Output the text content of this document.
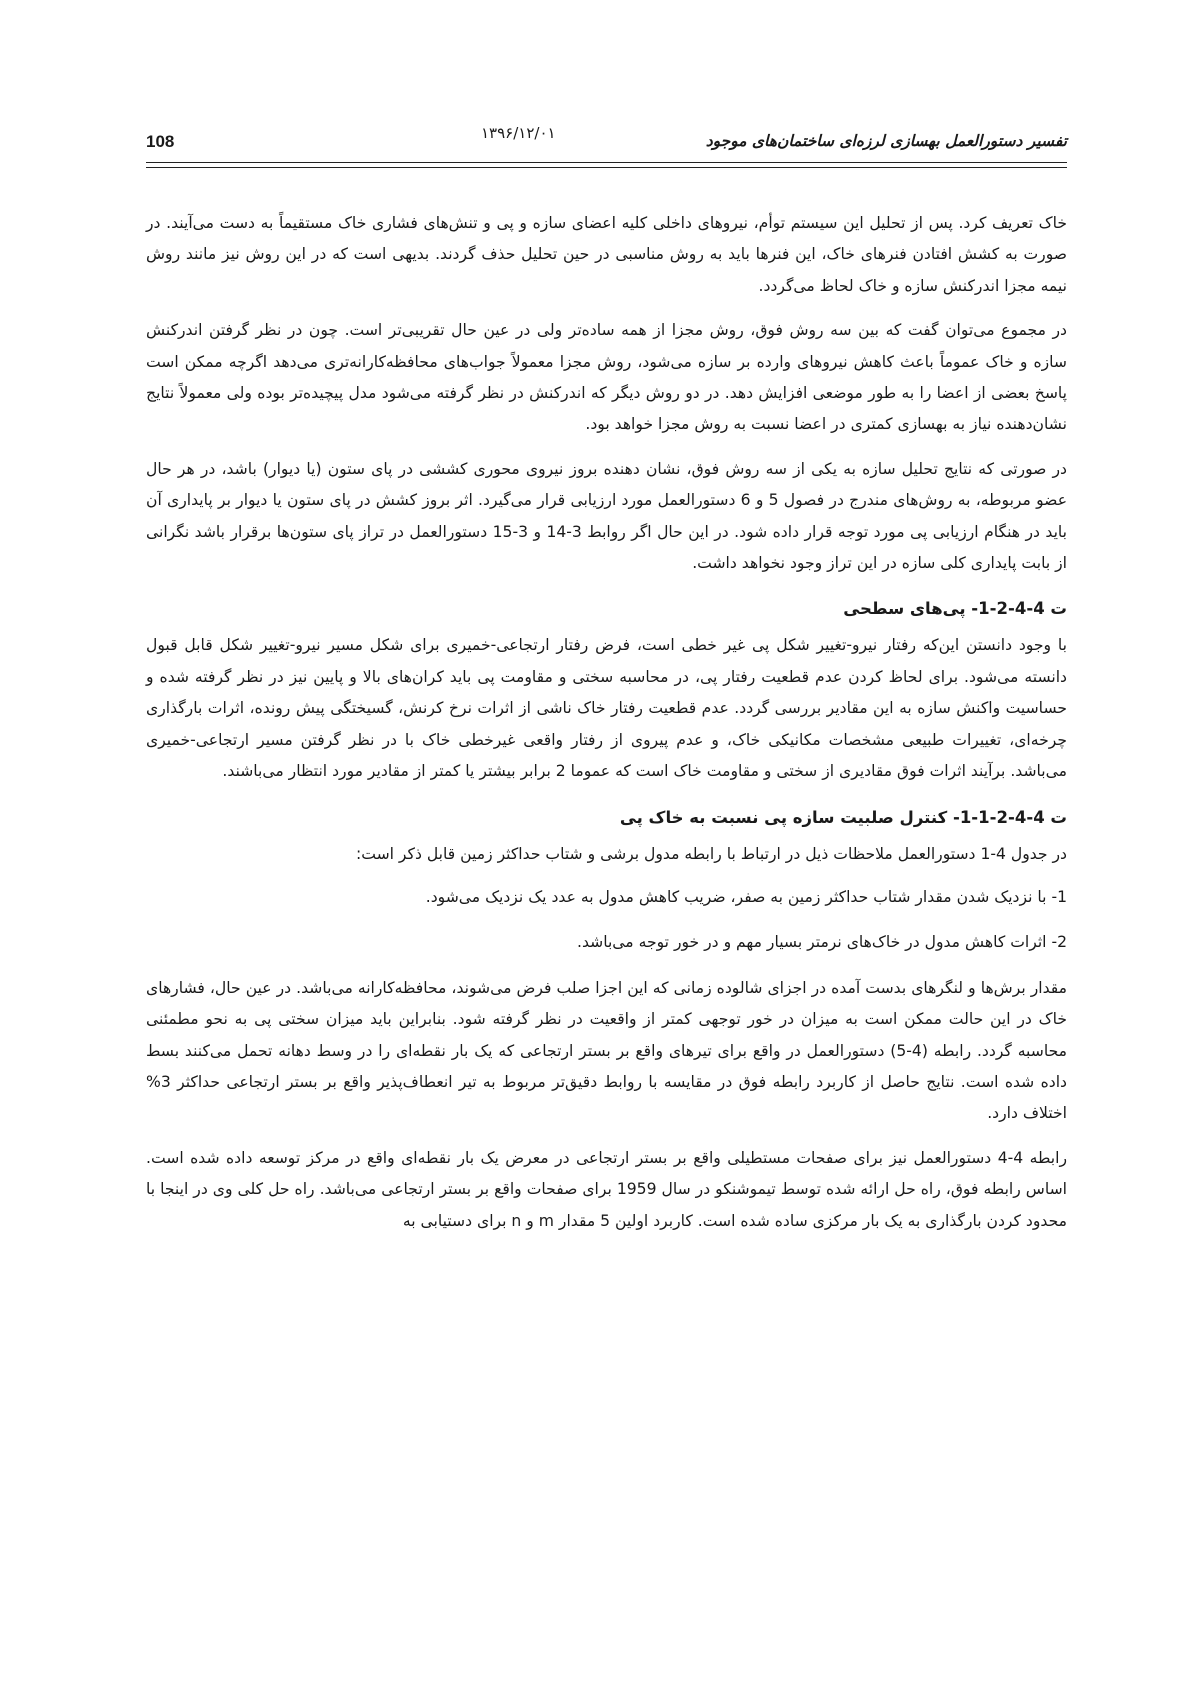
108	۱۳۹۶/۱۲/۰۱	تفسیر دستورالعمل بهسازی لرزه‌ای ساختمان‌های موجود

خاک تعریف کرد. پس از تحلیل این سیستم توأم، نیروهای داخلی کلیه اعضای سازه و پی و تنش‌های فشاری خاک مستقیماً به دست می‌آیند. در صورت به کشش افتادن فنرهای خاک، این فنرها باید به روش مناسبی در حین تحلیل حذف گردند. بدیهی است که در این روش نیز مانند روش نیمه مجزا اندرکنش سازه و خاک لحاظ می‌گردد.

در مجموع می‌توان گفت که بین سه روش فوق، روش مجزا از همه ساده‌تر ولی در عین حال تقریبی‌تر است. چون در نظر گرفتن اندرکنش سازه و خاک عموماً باعث کاهش نیروهای وارده بر سازه می‌شود، روش مجزا معمولاً جواب‌های محافظه‌کارانه‌تری می‌دهد اگرچه ممکن است پاسخ بعضی از اعضا را به طور موضعی افزایش دهد. در دو روش دیگر که اندرکنش در نظر گرفته می‌شود مدل پیچیده‌تر بوده ولی معمولاً نتایج نشان‌دهنده نیاز به بهسازی کمتری در اعضا نسبت به روش مجزا خواهد بود.

در صورتی که نتایج تحلیل سازه به یکی از سه روش فوق، نشان دهنده بروز نیروی محوری کششی در پای ستون (یا دیوار) باشد، در هر حال عضو مربوطه، به روش‌های مندرج در فصول 5 و 6 دستورالعمل مورد ارزیابی قرار می‌گیرد. اثر بروز کشش در پای ستون یا دیوار بر پایداری آن باید در هنگام ارزیابی پی مورد توجه قرار داده شود. در این حال اگر روابط 3-14 و 3-15 دستورالعمل در تراز پای ستون‌ها برقرار باشد نگرانی از بابت پایداری کلی سازه در این تراز وجود نخواهد داشت.

ت 4-4-2-1- پی‌های سطحی

با وجود دانستن این‌که رفتار نیرو-تغییر شکل پی غیر خطی است، فرض رفتار ارتجاعی-خمیری برای شکل مسیر نیرو-تغییر شکل قابل قبول دانسته می‌شود. برای لحاظ کردن عدم قطعیت رفتار پی، در محاسبه سختی و مقاومت پی باید کران‌های بالا و پایین نیز در نظر گرفته شده و حساسیت واکنش سازه به این مقادیر بررسی گردد. عدم قطعیت رفتار خاک ناشی از اثرات نرخ کرنش، گسیختگی پیش رونده، اثرات بارگذاری چرخه‌ای، تغییرات طبیعی مشخصات مکانیکی خاک، و عدم پیروی از رفتار واقعی غیرخطی خاک با در نظر گرفتن مسیر ارتجاعی-خمیری می‌باشد. برآیند اثرات فوق مقادیری از سختی و مقاومت خاک است که عموما 2 برابر بیشتر یا کمتر از مقادیر مورد انتظار می‌باشند.

ت 4-4-2-1-1- کنترل صلبیت سازه پی نسبت به خاک پی

در جدول 4-1 دستورالعمل ملاحظات ذیل در ارتباط با رابطه مدول برشی و شتاب حداکثر زمین قابل ذکر است:

1- با نزدیک شدن مقدار شتاب حداکثر زمین به صفر، ضریب کاهش مدول به عدد یک نزدیک می‌شود.

2- اثرات کاهش مدول در خاک‌های نرمتر بسیار مهم و در خور توجه می‌باشد.

مقدار برش‌ها و لنگرهای بدست آمده در اجزای شالوده زمانی که این اجزا صلب فرض می‌شوند، محافظه‌کارانه می‌باشد. در عین حال، فشارهای خاک در این حالت ممکن است به میزان در خور توجهی کمتر از واقعیت در نظر گرفته شود. بنابراین باید میزان سختی پی به نحو مطمئنی محاسبه گردد. رابطه (4-5) دستورالعمل در واقع برای تیرهای واقع بر بستر ارتجاعی که یک بار نقطه‌ای را در وسط دهانه تحمل می‌کنند بسط داده شده است. نتایج حاصل از کاربرد رابطه فوق در مقایسه با روابط دقیق‌تر مربوط به تیر انعطاف‌پذیر واقع بر بستر ارتجاعی حداکثر 3% اختلاف دارد.

رابطه 4-4 دستورالعمل نیز برای صفحات مستطیلی واقع بر بستر ارتجاعی در معرض یک بار نقطه‌ای واقع در مرکز توسعه داده شده است. اساس رابطه فوق، راه حل ارائه شده توسط تیموشنکو در سال 1959 برای صفحات واقع بر بستر ارتجاعی می‌باشد. راه حل کلی وی در اینجا با محدود کردن بارگذاری به یک بار مرکزی ساده شده است. کاربرد اولین 5 مقدار m و n برای دستیابی به
